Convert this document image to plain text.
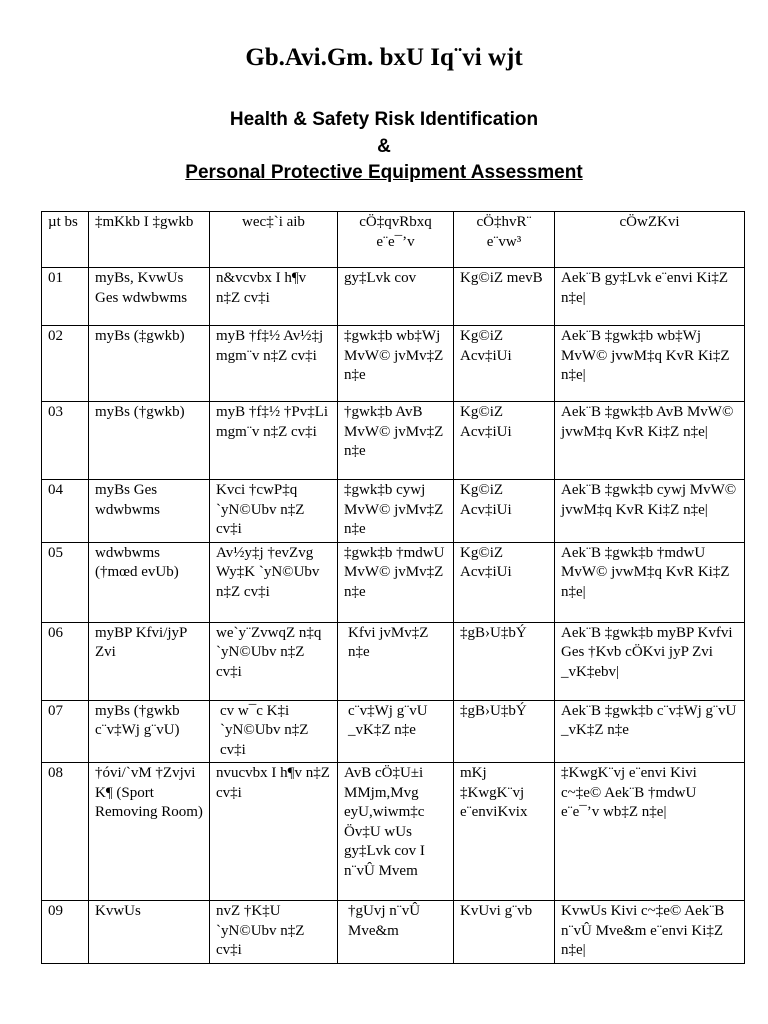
Gb.Avi.Gm. bxU Iq¨vi wjt
Health & Safety Risk Identification
&
Personal Protective Equipment Assessment
µt bs	‡mKkb I ‡gwkb	wec‡`i aib	cÖ‡qvRbxq e¨e¯’v	cÖ‡hvR¨ e¨vw³	cÖwZKvi
01	myBs, KvwUs Ges wdwbwms	n&vcvbx I h¶v n‡Z cv‡i	gy‡Lvk cov	Kg©iZ mevB	Aek¨B gy‡Lvk e¨envi Ki‡Z n‡e|
02	myBs (‡gwkb)	myB †f‡½ Av½‡j mgm¨v n‡Z cv‡i	‡gwk‡b wb‡Wj MvW© jvMv‡Z n‡e	Kg©iZ Acv‡iUi	Aek¨B ‡gwk‡b wb‡Wj MvW© jvwM‡q KvR Ki‡Z n‡e|
03	myBs (†gwkb)	myB †f‡½ †Pv‡Li mgm¨v n‡Z cv‡i	†gwk‡b AvB MvW© jvMv‡Z n‡e	Kg©iZ Acv‡iUi	Aek¨B ‡gwk‡b AvB MvW© jvwM‡q KvR Ki‡Z n‡e|
04	myBs Ges wdwbwms	Kvci †cwP‡q `yN©Ubv n‡Z cv‡i	‡gwk‡b cywj MvW© jvMv‡Z n‡e	Kg©iZ Acv‡iUi	Aek¨B ‡gwk‡b cywj MvW© jvwM‡q KvR Ki‡Z n‡e|
05	wdwbwms (†mœd evUb)	Av½y‡j †evZvg Wy‡K `yN©Ubv n‡Z cv‡i	‡gwk‡b †mdwU MvW© jvMv‡Z n‡e	Kg©iZ Acv‡iUi	Aek¨B ‡gwk‡b †mdwU MvW© jvwM‡q KvR Ki‡Z n‡e|
06	myBP Kfvi/jyP Zvi	we`y¨ZvwqZ n‡q `yN©Ubv n‡Z cv‡i	Kfvi jvMv‡Z n‡e	‡gB›U‡bÝ	Aek¨B ‡gwk‡b myBP Kvfvi Ges †Kvb cÖKvi jyP Zvi _vK‡ebv|
07	myBs (†gwkb c¨v‡Wj g¨vU)	cv w¯c K‡i `yN©Ubv n‡Z cv‡i	c¨v‡Wj g¨vU _vK‡Z n‡e	‡gB›U‡bÝ	Aek¨B ‡gwk‡b c¨v‡Wj g¨vU _vK‡Z n‡e
08	†óvi/`vM †Zvjvi K¶ (Sport Removing Room)	nvucvbx I h¶v n‡Z cv‡i	AvB cÖ‡U±i MMjm,Mvg eyU,wiwm‡c Öv‡U wUs gy‡Lvk cov I n¨vÛ Mvem	mKj ‡KwgK¨vj e¨enviKvix	‡KwgK¨vj e¨envi Kivi c~‡e© Aek¨B †mdwU e¨e¯’v wb‡Z n‡e|
09	KvwUs	nvZ †K‡U `yN©Ubv n‡Z cv‡i	†gUvj n¨vÛ Mve&m	KvUvi g¨vb	KvwUs Kivi c~‡e© Aek¨B n¨vÛ Mve&m e¨envi Ki‡Z n‡e|
